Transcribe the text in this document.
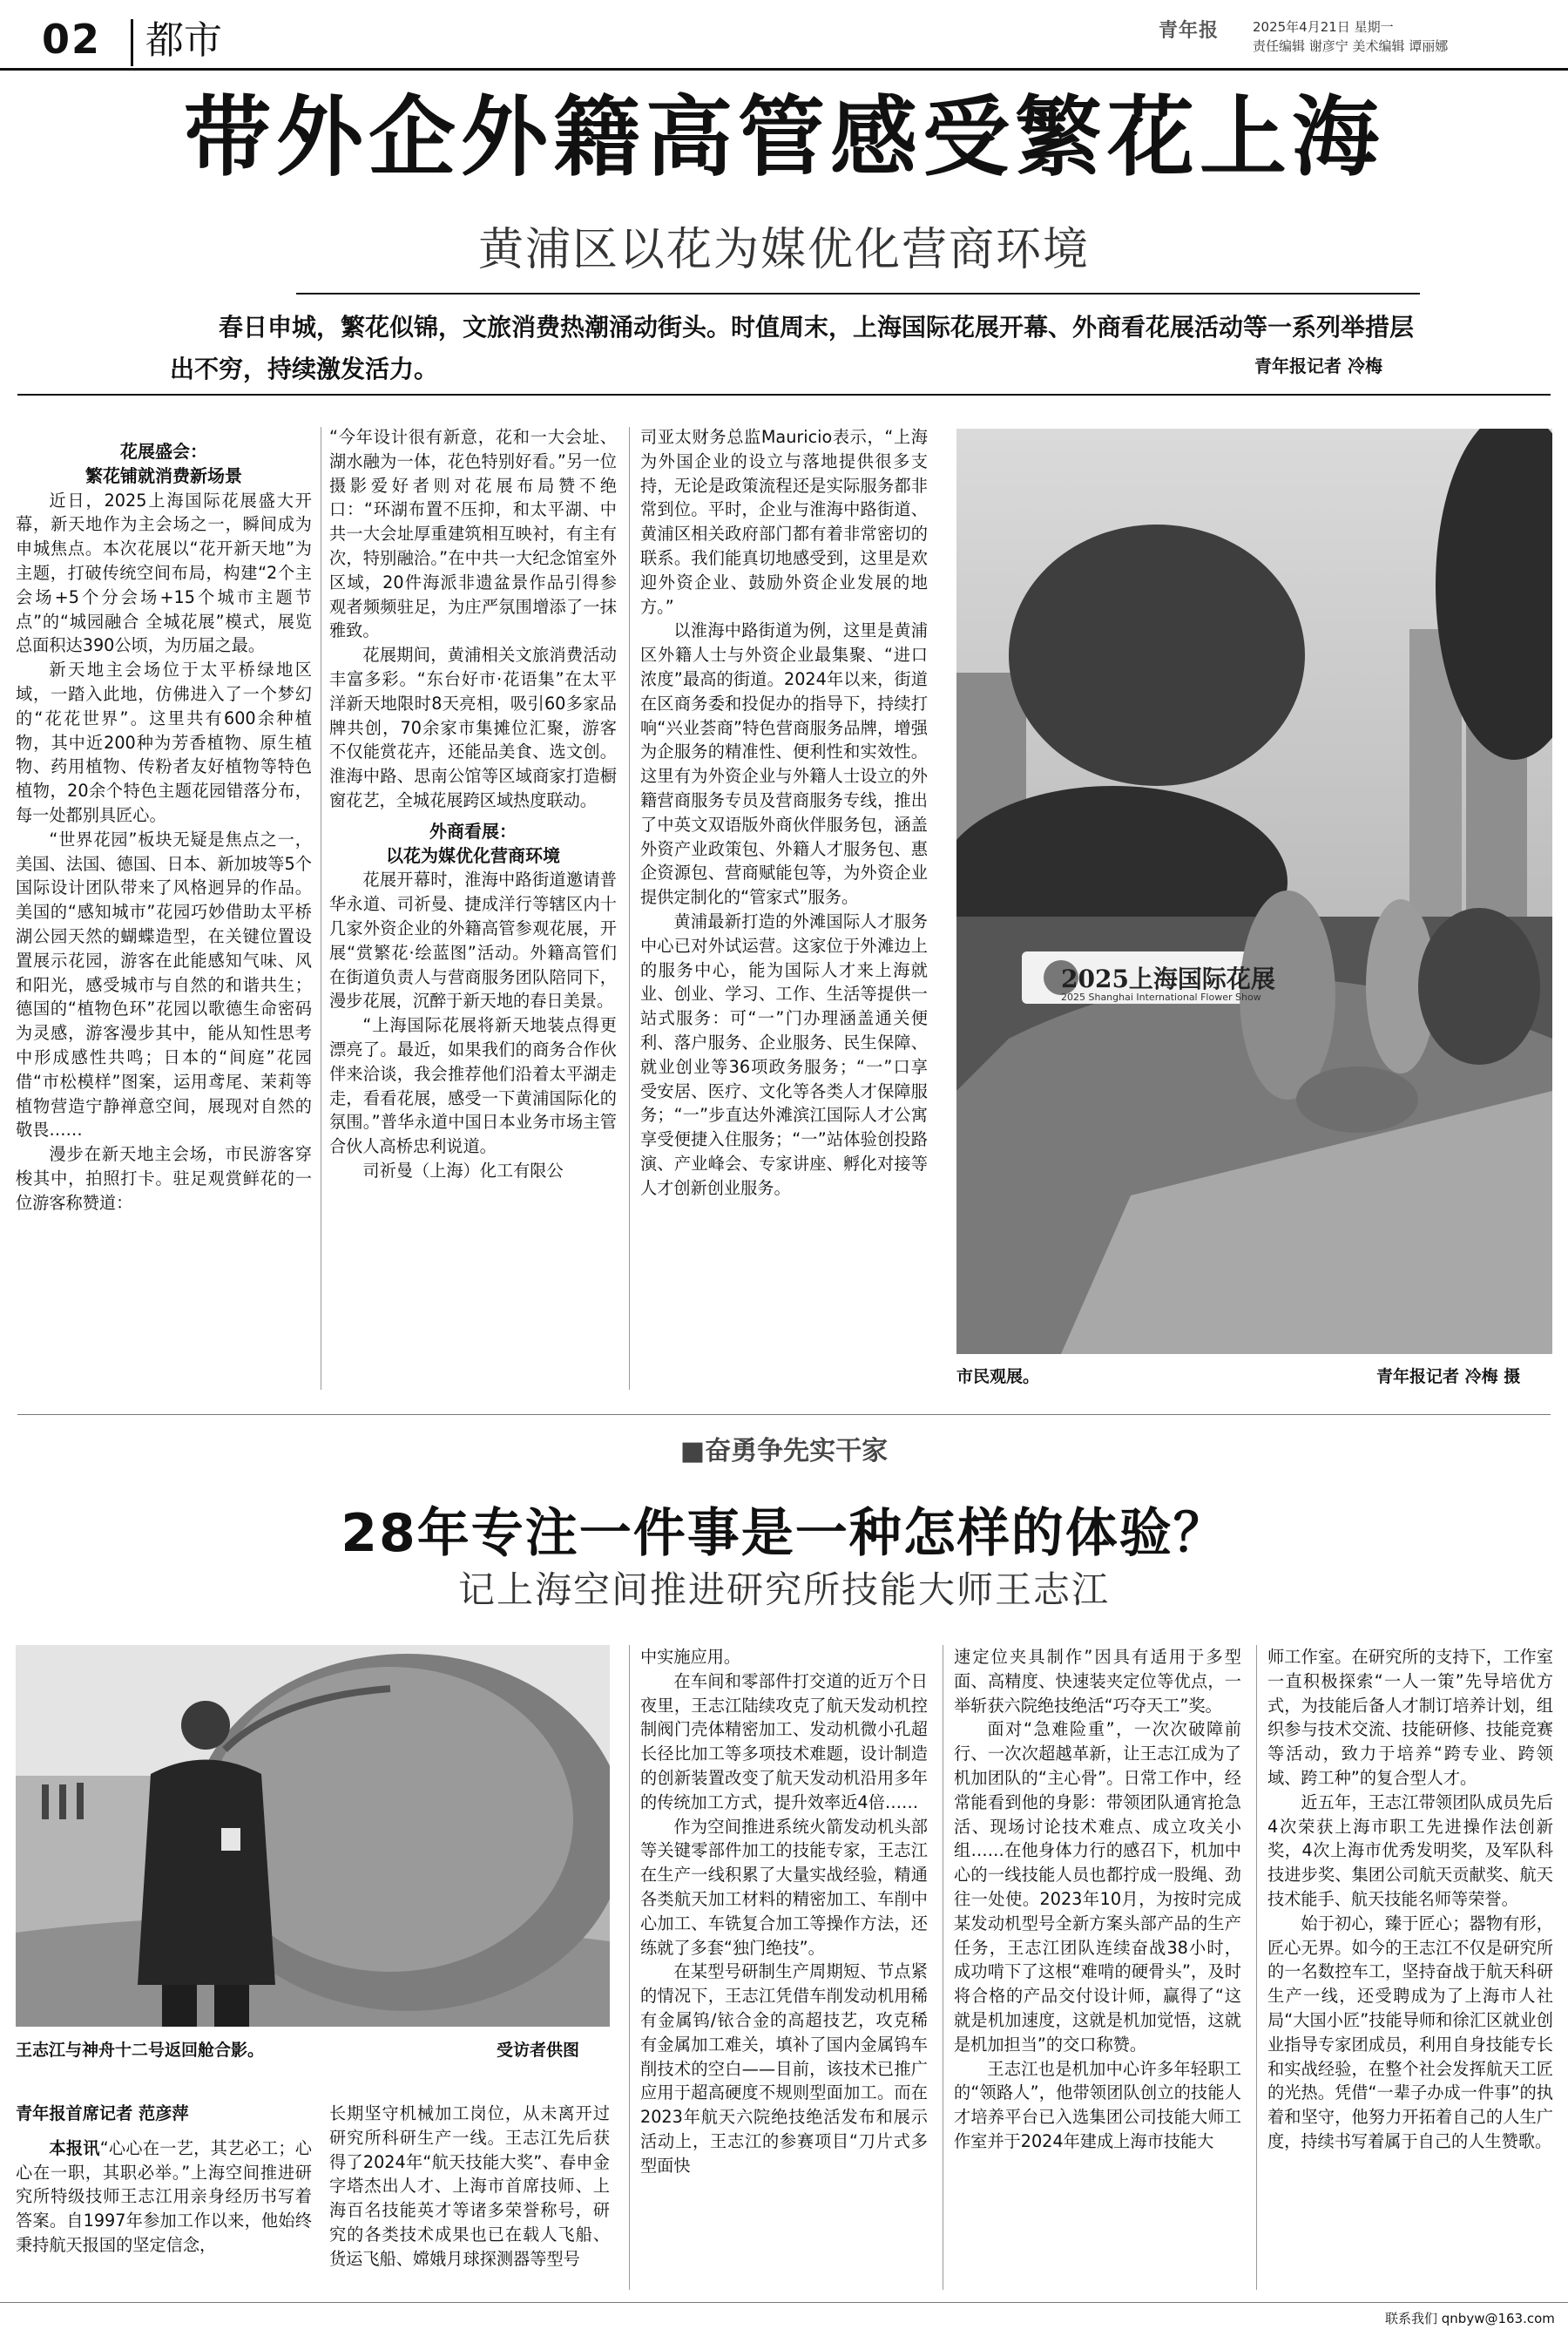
02	都市	青年报	2025年4月21日 星期一
责任编辑 谢彦宁 美术编辑 谭丽娜
带外企外籍高管感受繁花上海
黄浦区以花为媒优化营商环境
春日申城，繁花似锦，文旅消费热潮涌动街头。时值周末，上海国际花展开幕、外商看花展活动等一系列举措层出不穷，持续激发活力。	青年报记者 冷梅
花展盛会：
繁花铺就消费新场景

近日，2025上海国际花展盛大开幕，新天地作为主会场之一，瞬间成为申城焦点。本次花展以“花开新天地”为主题，打破传统空间布局，构建“2个主会场+5个分会场+15个城市主题节点”的“城园融合 全城花展”模式，展览总面积达390公顷，为历届之最。

新天地主会场位于太平桥绿地区域，一踏入此地，仿佛进入了一个梦幻的“花花世界”。这里共有600余种植物，其中近200种为芳香植物、原生植物、药用植物、传粉者友好植物等特色植物，20余个特色主题花园错落分布，每一处都别具匠心。

“世界花园”板块无疑是焦点之一，美国、法国、德国、日本、新加坡等5个国际设计团队带来了风格迥异的作品。美国的“感知城市”花园巧妙借助太平桥湖公园天然的蝴蝶造型，在关键位置设置展示花园，游客在此能感知气味、风和阳光，感受城市与自然的和谐共生；德国的“植物色环”花园以歌德生命密码为灵感，游客漫步其中，能从知性思考中形成感性共鸣；日本的“间庭”花园借“市松模样”图案，运用鸢尾、茉莉等植物营造宁静禅意空间，展现对自然的敬畏……

漫步在新天地主会场，市民游客穿梭其中，拍照打卡。驻足观赏鲜花的一位游客称赞道：

“今年设计很有新意，花和一大会址、湖水融为一体，花色特别好看。”另一位摄影爱好者则对花展布局赞不绝口：“环湖布置不压抑，和太平湖、中共一大会址厚重建筑相互映衬，有主有次，特别融洽。”在中共一大纪念馆室外区域，20件海派非遗盆景作品引得参观者频频驻足，为庄严氛围增添了一抹雅致。

花展期间，黄浦相关文旅消费活动丰富多彩。“东台好市·花语集”在太平洋新天地限时8天亮相，吸引60多家品牌共创，70余家市集摊位汇聚，游客不仅能赏花卉，还能品美食、选文创。淮海中路、思南公馆等区域商家打造橱窗花艺，全城花展跨区域热度联动。

外商看展：
以花为媒优化营商环境

花展开幕时，淮海中路街道邀请普华永道、司祈曼、捷成洋行等辖区内十几家外资企业的外籍高管参观花展，开展“赏繁花·绘蓝图”活动。外籍高管们在街道负责人与营商服务团队陪同下，漫步花展，沉醉于新天地的春日美景。

“上海国际花展将新天地装点得更漂亮了。最近，如果我们的商务合作伙伴来洽谈，我会推荐他们沿着太平湖走走，看看花展，感受一下黄浦国际化的氛围。”普华永道中国日本业务市场主管合伙人高桥忠利说道。

司祈曼（上海）化工有限公

司亚太财务总监Mauricio表示，“上海为外国企业的设立与落地提供很多支持，无论是政策流程还是实际服务都非常到位。平时，企业与淮海中路街道、黄浦区相关政府部门都有着非常密切的联系。我们能真切地感受到，这里是欢迎外资企业、鼓励外资企业发展的地方。”

以淮海中路街道为例，这里是黄浦区外籍人士与外资企业最集聚、“进口浓度”最高的街道。2024年以来，街道在区商务委和投促办的指导下，持续打响“兴业荟商”特色营商服务品牌，增强为企服务的精准性、便利性和实效性。这里有为外资企业与外籍人士设立的外籍营商服务专员及营商服务专线，推出了中英文双语版外商伙伴服务包，涵盖外资产业政策包、外籍人才服务包、惠企资源包、营商赋能包等，为外资企业提供定制化的“管家式”服务。

黄浦最新打造的外滩国际人才服务中心已对外试运营。这家位于外滩边上的服务中心，能为国际人才来上海就业、创业、学习、工作、生活等提供一站式服务：可“一”门办理涵盖通关便利、落户服务、企业服务、民生保障、就业创业等36项政务服务；“一”口享受安居、医疗、文化等各类人才保障服务；“一”步直达外滩滨江国际人才公寓享受便捷入住服务；“一”站体验创投路演、产业峰会、专家讲座、孵化对接等人才创新创业服务。

2025上海国际花展
2025 Shanghai International Flower Show
市民观展。	青年报记者 冷梅 摄
■奋勇争先实干家
28年专注一件事是一种怎样的体验？
记上海空间推进研究所技能大师王志江
王志江与神舟十二号返回舱合影。	受访者供图
青年报首席记者 范彦萍

本报讯“心心在一艺，其艺必工；心心在一职，其职必举。”上海空间推进研究所特级技师王志江用亲身经历书写着答案。自1997年参加工作以来，他始终秉持航天报国的坚定信念，

长期坚守机械加工岗位，从未离开过研究所科研生产一线。王志江先后获得了2024年“航天技能大奖”、春申金字塔杰出人才、上海市首席技师、上海百名技能英才等诸多荣誉称号，研究的各类技术成果也已在载人飞船、货运飞船、嫦娥月球探测器等型号

中实施应用。

在车间和零部件打交道的近万个日夜里，王志江陆续攻克了航天发动机控制阀门壳体精密加工、发动机微小孔超长径比加工等多项技术难题，设计制造的创新装置改变了航天发动机沿用多年的传统加工方式，提升效率近4倍……

作为空间推进系统火箭发动机头部等关键零部件加工的技能专家，王志江在生产一线积累了大量实战经验，精通各类航天加工材料的精密加工、车削中心加工、车铣复合加工等操作方法，还练就了多套“独门绝技”。

在某型号研制生产周期短、节点紧的情况下，王志江凭借车削发动机用稀有金属钨/铱合金的高超技艺，攻克稀有金属加工难关，填补了国内金属钨车削技术的空白——目前，该技术已推广应用于超高硬度不规则型面加工。而在2023年航天六院绝技绝活发布和展示活动上，王志江的参赛项目“刀片式多型面快

速定位夹具制作”因具有适用于多型面、高精度、快速装夹定位等优点，一举斩获六院绝技绝活“巧夺天工”奖。

面对“急难险重”，一次次破障前行、一次次超越革新，让王志江成为了机加团队的“主心骨”。日常工作中，经常能看到他的身影：带领团队通宵抢急活、现场讨论技术难点、成立攻关小组……在他身体力行的感召下，机加中心的一线技能人员也都拧成一股绳、劲往一处使。2023年10月，为按时完成某发动机型号全新方案头部产品的生产任务，王志江团队连续奋战38小时，成功啃下了这根“难啃的硬骨头”，及时将合格的产品交付设计师，赢得了“这就是机加速度，这就是机加觉悟，这就是机加担当”的交口称赞。

王志江也是机加中心许多年轻职工的“领路人”，他带领团队创立的技能人才培养平台已入选集团公司技能大师工作室并于2024年建成上海市技能大

师工作室。在研究所的支持下，工作室一直积极探索“一人一策”先导培优方式，为技能后备人才制订培养计划，组织参与技术交流、技能研修、技能竞赛等活动，致力于培养“跨专业、跨领域、跨工种”的复合型人才。

近五年，王志江带领团队成员先后4次荣获上海市职工先进操作法创新奖，4次上海市优秀发明奖，及军队科技进步奖、集团公司航天贡献奖、航天技术能手、航天技能名师等荣誉。

始于初心，臻于匠心；器物有形，匠心无界。如今的王志江不仅是研究所的一名数控车工，坚持奋战于航天科研生产一线，还受聘成为了上海市人社局“大国小匠”技能导师和徐汇区就业创业指导专家团成员，利用自身技能专长和实战经验，在整个社会发挥航天工匠的光热。凭借“一辈子办成一件事”的执着和坚守，他努力开拓着自己的人生广度，持续书写着属于自己的人生赞歌。

联系我们 qnbyw@163.com
